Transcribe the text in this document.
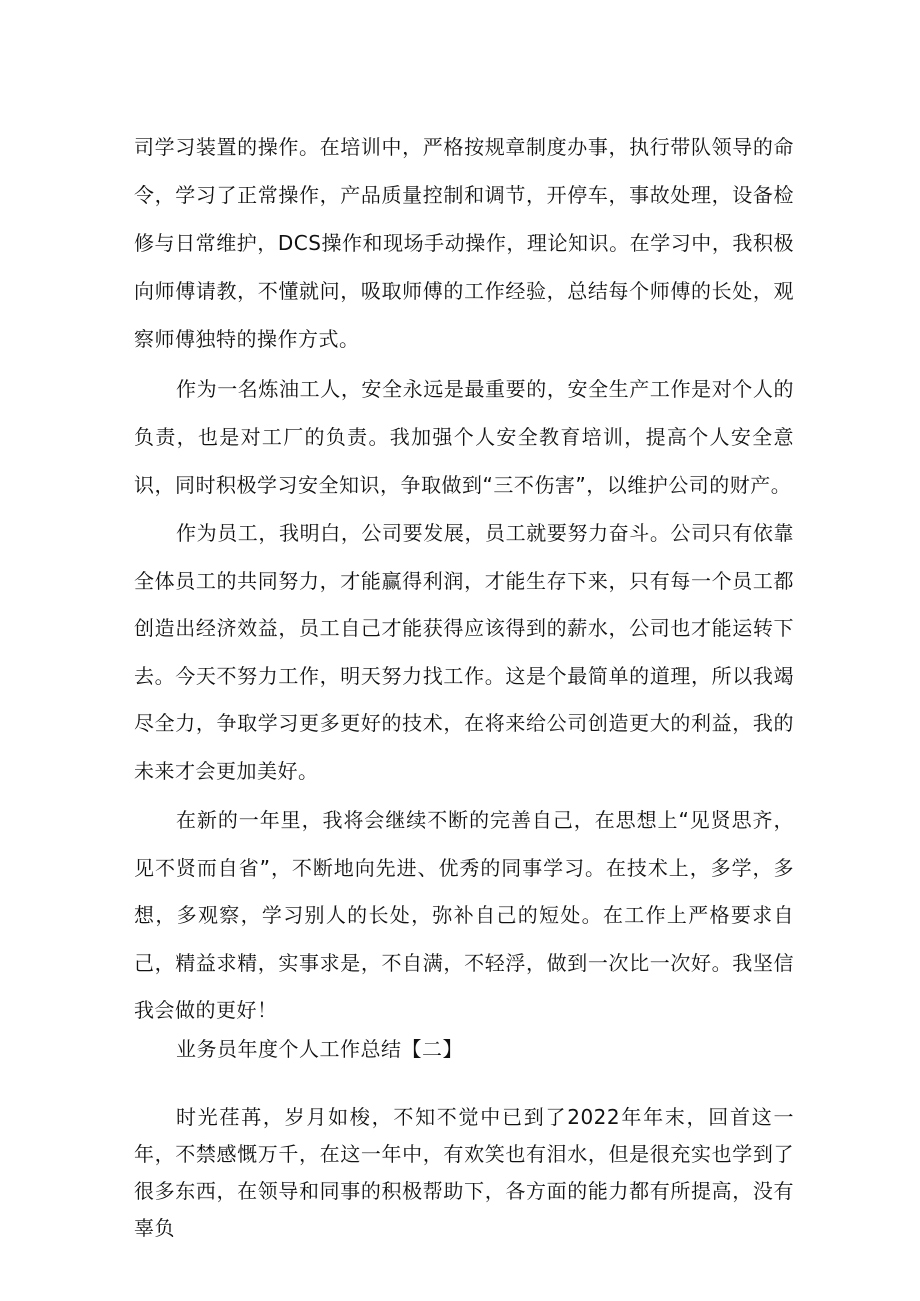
司学习装置的操作。在培训中，严格按规章制度办事，执行带队领导的命令，学习了正常操作，产品质量控制和调节，开停车，事故处理，设备检修与日常维护，DCS操作和现场手动操作，理论知识。在学习中，我积极向师傅请教，不懂就问，吸取师傅的工作经验，总结每个师傅的长处，观察师傅独特的操作方式。

作为一名炼油工人，安全永远是最重要的，安全生产工作是对个人的负责，也是对工厂的负责。我加强个人安全教育培训，提高个人安全意识，同时积极学习安全知识，争取做到“三不伤害”，以维护公司的财产。

作为员工，我明白，公司要发展，员工就要努力奋斗。公司只有依靠全体员工的共同努力，才能赢得利润，才能生存下来，只有每一个员工都创造出经济效益，员工自己才能获得应该得到的薪水，公司也才能运转下去。今天不努力工作，明天努力找工作。这是个最简单的道理，所以我竭尽全力，争取学习更多更好的技术，在将来给公司创造更大的利益，我的未来才会更加美好。

在新的一年里，我将会继续不断的完善自己，在思想上“见贤思齐，见不贤而自省”，不断地向先进、优秀的同事学习。在技术上，多学，多想，多观察，学习别人的长处，弥补自己的短处。在工作上严格要求自己，精益求精，实事求是，不自满，不轻浮，做到一次比一次好。我坚信我会做的更好！

业务员年度个人工作总结【二】

时光荏苒，岁月如梭，不知不觉中已到了2022年年末，回首这一年，不禁感慨万千，在这一年中，有欢笑也有泪水，但是很充实也学到了很多东西，在领导和同事的积极帮助下，各方面的能力都有所提高，没有辜负
